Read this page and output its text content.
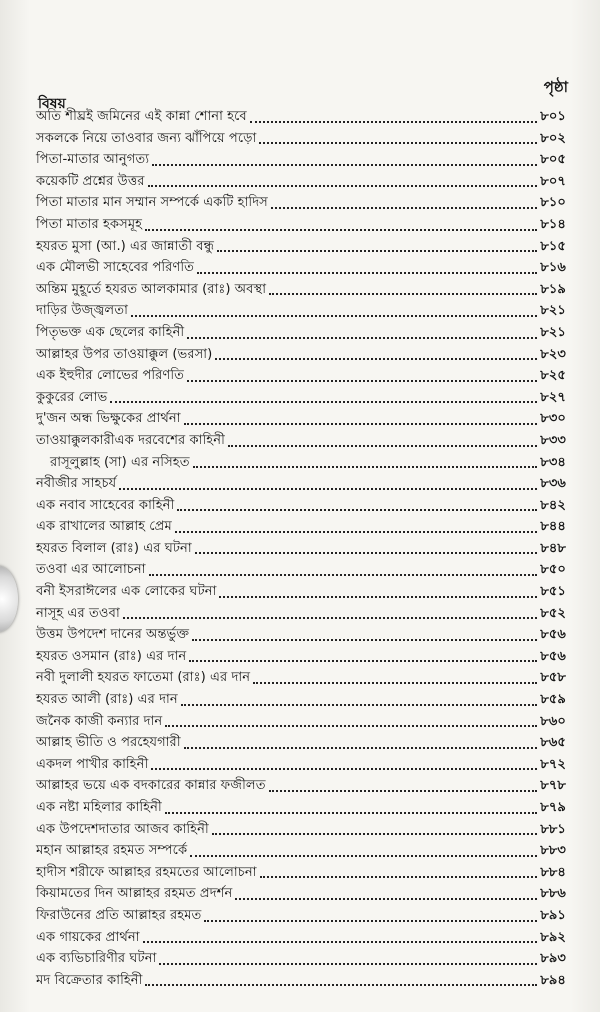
বিষয়
পৃষ্ঠা
অতি শীঘ্রই জমিনের এই কান্না শোনা হবে	৮০১
সকলকে নিয়ে তাওবার জন্য ঝাঁপিয়ে পড়ো	৮০২
পিতা-মাতার আনুগত্য	৮০৫
কয়েকটি প্রশ্নের উত্তর	৮০৭
পিতা মাতার মান সম্মান সম্পর্কে একটি হাদিস	৮১০
পিতা মাতার হকসমূহ	৮১৪
হযরত মুসা (আ.) এর জান্নাতী বন্ধু	৮১৫
এক মৌলভী সাহেবের পরিণতি	৮১৬
অন্তিম মুহূর্তে হযরত আলকামার (রাঃ) অবস্থা	৮১৯
দাড়ির উজ্জ্বলতা	৮২১
পিতৃভক্ত এক ছেলের কাহিনী	৮২১
আল্লাহর উপর তাওয়াক্কুল (ভরসা)	৮২৩
এক ইহুদীর লোভের পরিণতি	৮২৫
কুকুরের লোভ	৮২৭
দু'জন অন্ধ ভিক্ষুকের প্রার্থনা	৮৩০
তাওয়াক্কুলকারীএক দরবেশের কাহিনী	৮৩৩
রাসূলুল্লাহ (সা) এর নসিহত	৮৩৪
নবীজীর সাহচর্য	৮৩৬
এক নবাব সাহেবের কাহিনী	৮৪২
এক রাখালের আল্লাহ প্রেম	৮৪৪
হযরত বিলাল (রাঃ) এর ঘটনা	৮৪৮
তওবা এর আলোচনা	৮৫০
বনী ইসরাঈলের এক লোকের ঘটনা	৮৫১
নাসূহ এর তওবা	৮৫২
উত্তম উপদেশ দানের অন্তর্ভুক্ত	৮৫৬
হযরত ওসমান (রাঃ) এর দান	৮৫৬
নবী দুলালী হযরত ফাতেমা (রাঃ) এর দান	৮৫৮
হযরত আলী (রাঃ) এর দান	৮৫৯
জনৈক কাজী কন্যার দান	৮৬০
আল্লাহ ভীতি ও পরহেযগারী	৮৬৫
একদল পাখীর কাহিনী	৮৭২
আল্লাহর ভয়ে এক বদকারের কান্নার ফজীলত	৮৭৮
এক নষ্টা মহিলার কাহিনী	৮৭৯
এক উপদেশদাতার আজব কাহিনী	৮৮১
মহান আল্লাহর রহমত সম্পর্কে	৮৮৩
হাদীস শরীফে আল্লাহর রহমতের আলোচনা	৮৮৪
কিয়ামতের দিন আল্লাহর রহমত প্রদর্শন	৮৮৬
ফিরাউনের প্রতি আল্লাহর রহমত	৮৯১
এক গায়কের প্রার্থনা	৮৯২
এক ব্যভিচারিণীর ঘটনা	৮৯৩
মদ বিক্রেতার কাহিনী	৮৯৪
